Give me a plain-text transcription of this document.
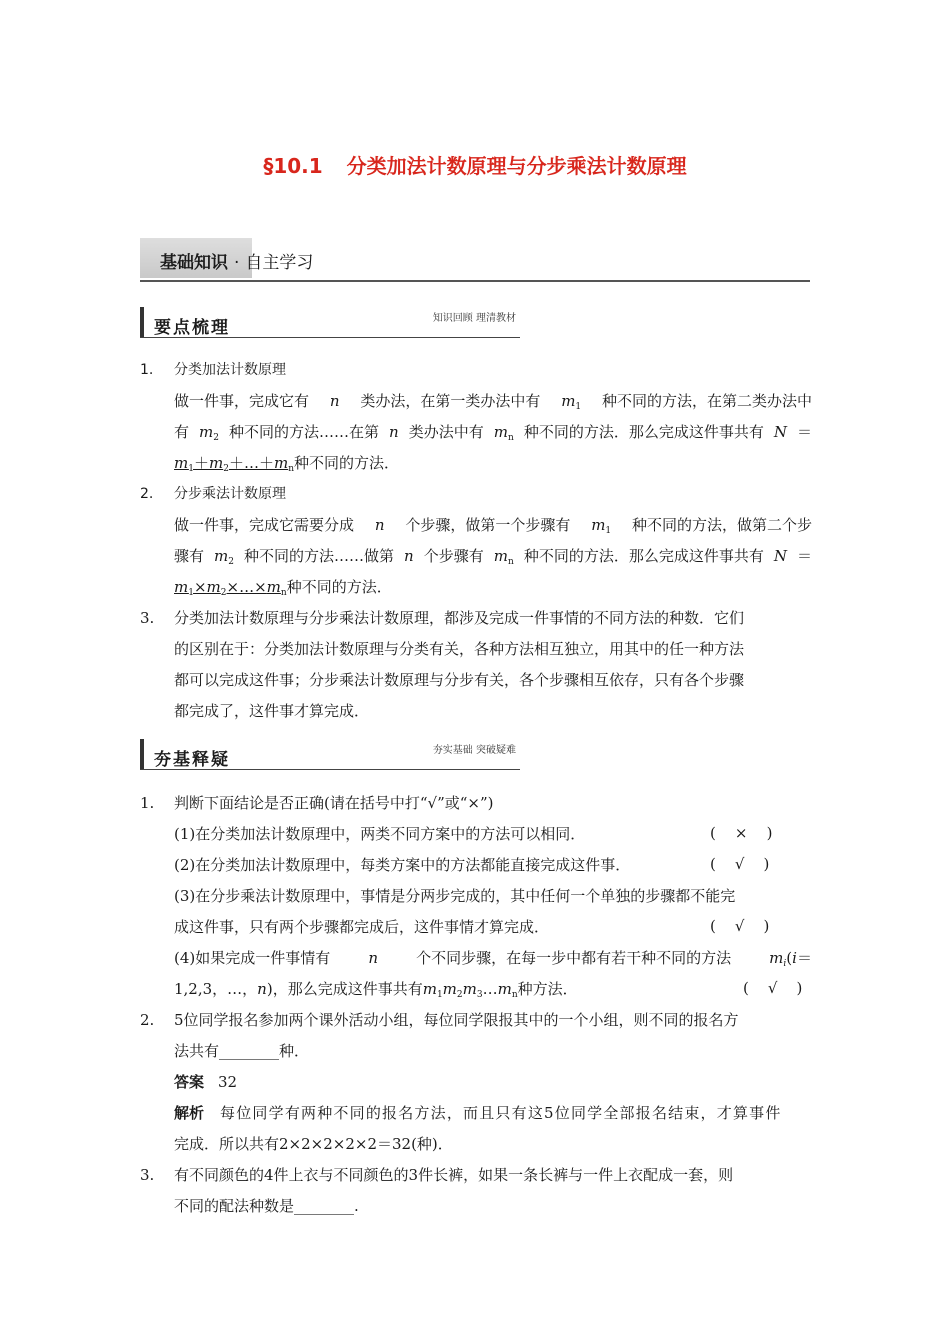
§10.1 分类加法计数原理与分步乘法计数原理
基础知识 · 自主学习
要点梳理	知识回顾 理清教材
1. 分类加法计数原理
做一件事，完成它有 n 类办法，在第一类办法中有 $m_1$ 种不同的方法，在第二类办法中
有 $m_2$ 种不同的方法……在第 n 类办法中有 $m_n$ 种不同的方法．那么完成这件事共有 N ＝
$m_1+m_2+\dots+m_n$种不同的方法．
2. 分步乘法计数原理
做一件事，完成它需要分成 n 个步骤，做第一个步骤有 $m_1$ 种不同的方法，做第二个步
骤有 $m_2$ 种不同的方法……做第 n 个步骤有 $m_n$ 种不同的方法．那么完成这件事共有 N ＝
$m_1\times m_2\times\dots\times m_n$种不同的方法．
3. 分类加法计数原理与分步乘法计数原理，都涉及完成一件事情的不同方法的种数．它们
的区别在于：分类加法计数原理与分类有关，各种方法相互独立，用其中的任一种方法
都可以完成这件事；分步乘法计数原理与分步有关，各个步骤相互依存，只有各个步骤
都完成了，这件事才算完成．
夯基释疑	夯实基础 突破疑难
1. 判断下面结论是否正确(请在括号中打“√”或“×”)
(1)在分类加法计数原理中，两类不同方案中的方法可以相同．	(    ×    )
(2)在分类加法计数原理中，每类方案中的方法都能直接完成这件事．	(    √    )
(3)在分步乘法计数原理中，事情是分两步完成的，其中任何一个单独的步骤都不能完
成这件事，只有两个步骤都完成后，这件事情才算完成．	(    √    )
(4)如果完成一件事情有	n	个不同步骤，在每一步中都有若干种不同的方法	$m_i(i=$
1,2,3，…，n)，那么完成这件事共有$m_1m_2m_3\dots m_n$种方法．	(    √    )
2. 5位同学报名参加两个课外活动小组，每位同学限报其中的一个小组，则不同的报名方
法共有________种．
答案 32
解析 每位同学有两种不同的报名方法，而且只有这5位同学全部报名结束，才算事件
完成．所以共有2×2×2×2×2＝32(种)．
3. 有不同颜色的4件上衣与不同颜色的3件长裤，如果一条长裤与一件上衣配成一套，则
不同的配法种数是________.
